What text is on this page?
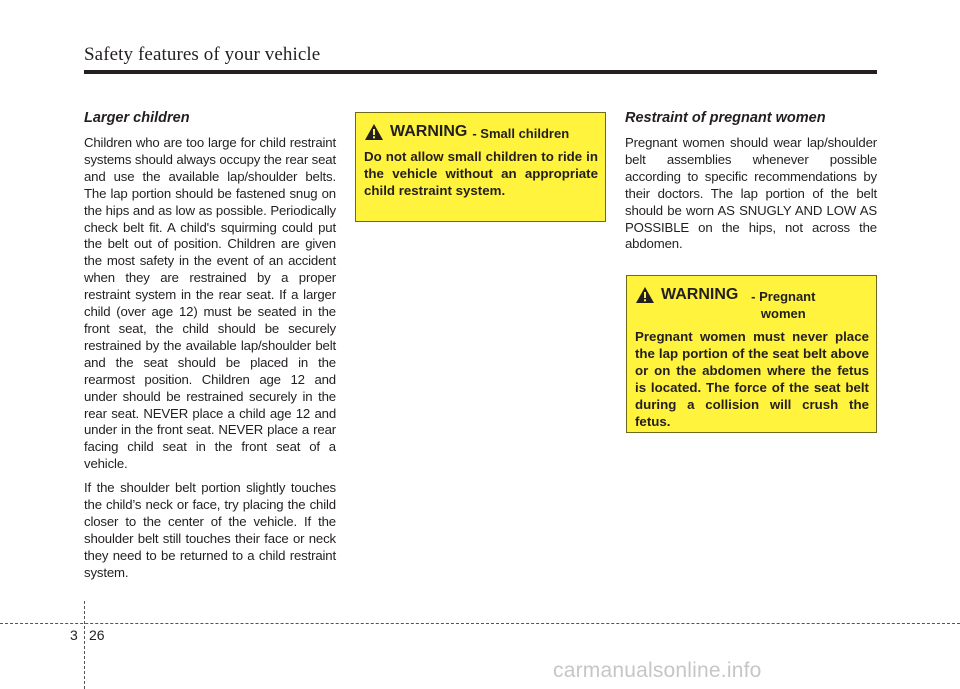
Safety features of your vehicle
Larger children

Children who are too large for child restraint systems should always occupy the rear seat and use the available lap/shoulder belts. The lap portion should be fastened snug on the hips and as low as possible. Periodically check belt fit. A child's squirming could put the belt out of position. Children are given the most safety in the event of an accident when they are restrained by a proper restraint system in the rear seat. If a larger child (over age 12) must be seated in the front seat, the child should be securely restrained by the available lap/shoulder belt and the seat should be placed in the rearmost position. Children age 12 and under should be restrained securely in the rear seat. NEVER place a child age 12 and under in the front seat. NEVER place a rear facing child seat in the front seat of a vehicle.

If the shoulder belt portion slightly touches the child’s neck or face, try placing the child closer to the center of the vehicle. If the shoulder belt still touches their face or neck they need to be returned to a child restraint system.

WARNING - Small children

Do not allow small children to ride in the vehicle without an appropriate child restraint system.

Restraint of pregnant women

Pregnant women should wear lap/shoulder belt assemblies whenever possible according to specific recommendations by their doctors. The lap portion of the belt should be worn AS SNUGLY AND LOW AS POSSIBLE on the hips, not across the abdomen.

WARNING - Pregnant women

Pregnant women must never place the lap portion of the seat belt above or on the abdomen where the fetus is located. The force of the seat belt during a collision will crush the fetus.

3 26
carmanualsonline.info
